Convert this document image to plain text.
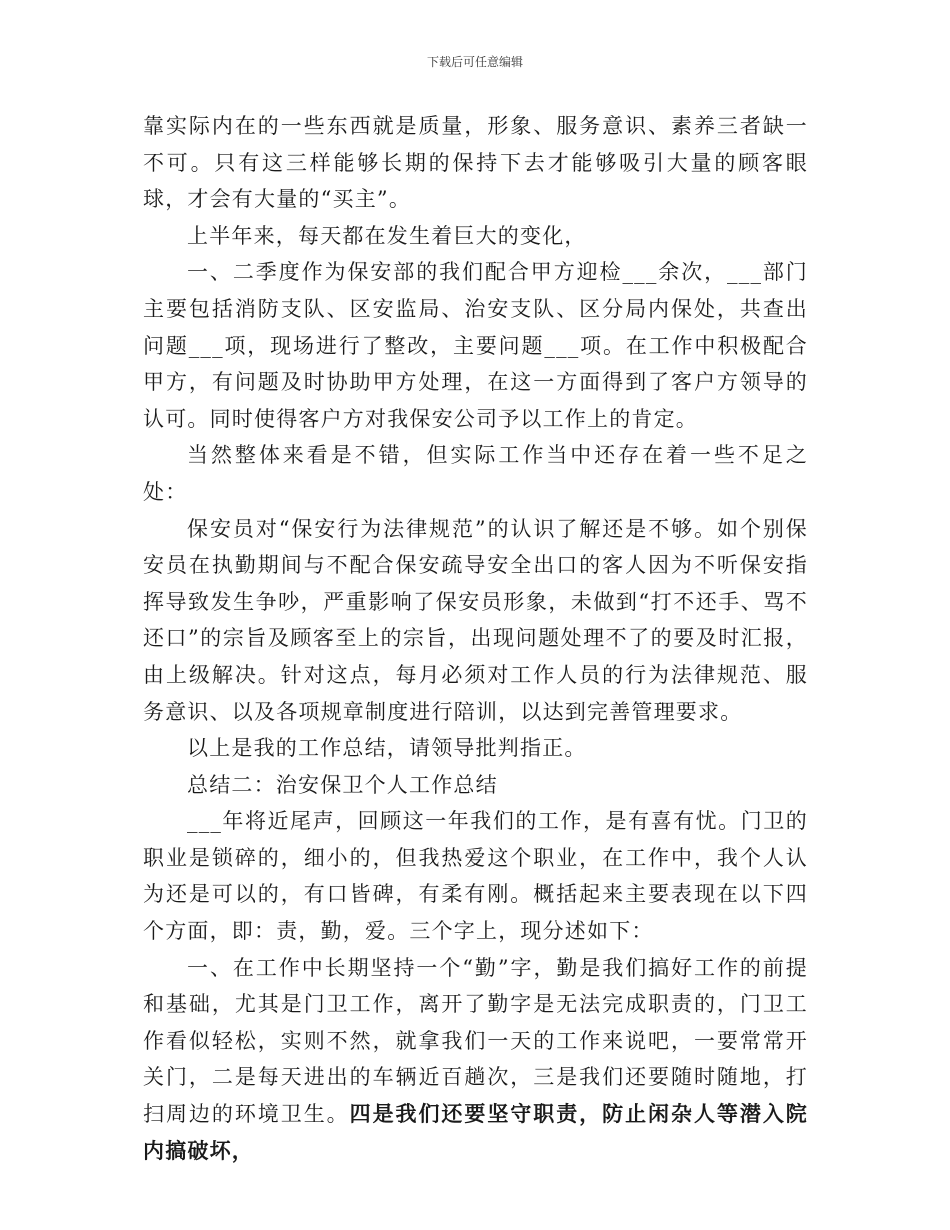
下载后可任意编辑

靠实际内在的一些东西就是质量，形象、服务意识、素养三者缺一不可。只有这三样能够长期的保持下去才能够吸引大量的顾客眼球，才会有大量的“买主”。

上半年来，每天都在发生着巨大的变化，

一、二季度作为保安部的我们配合甲方迎检___余次，___部门主要包括消防支队、区安监局、治安支队、区分局内保处，共查出问题___项，现场进行了整改，主要问题___项。在工作中积极配合甲方，有问题及时协助甲方处理，在这一方面得到了客户方领导的认可。同时使得客户方对我保安公司予以工作上的肯定。

当然整体来看是不错，但实际工作当中还存在着一些不足之处：

保安员对“保安行为法律规范”的认识了解还是不够。如个别保安员在执勤期间与不配合保安疏导安全出口的客人因为不听保安指挥导致发生争吵，严重影响了保安员形象，未做到“打不还手、骂不还口”的宗旨及顾客至上的宗旨，出现问题处理不了的要及时汇报，由上级解决。针对这点，每月必须对工作人员的行为法律规范、服务意识、以及各项规章制度进行陪训，以达到完善管理要求。

以上是我的工作总结，请领导批判指正。

总结二：治安保卫个人工作总结

___年将近尾声，回顾这一年我们的工作，是有喜有忧。门卫的职业是锁碎的，细小的，但我热爱这个职业，在工作中，我个人认为还是可以的，有口皆碑，有柔有刚。概括起来主要表现在以下四个方面，即：责，勤，爱。三个字上，现分述如下：

一、在工作中长期坚持一个“勤”字，勤是我们搞好工作的前提和基础，尤其是门卫工作，离开了勤字是无法完成职责的，门卫工作看似轻松，实则不然，就拿我们一天的工作来说吧，一要常常开关门，二是每天进出的车辆近百趟次，三是我们还要随时随地，打扫周边的环境卫生。四是我们还要坚守职责，防止闲杂人等潜入院内搞破坏，
